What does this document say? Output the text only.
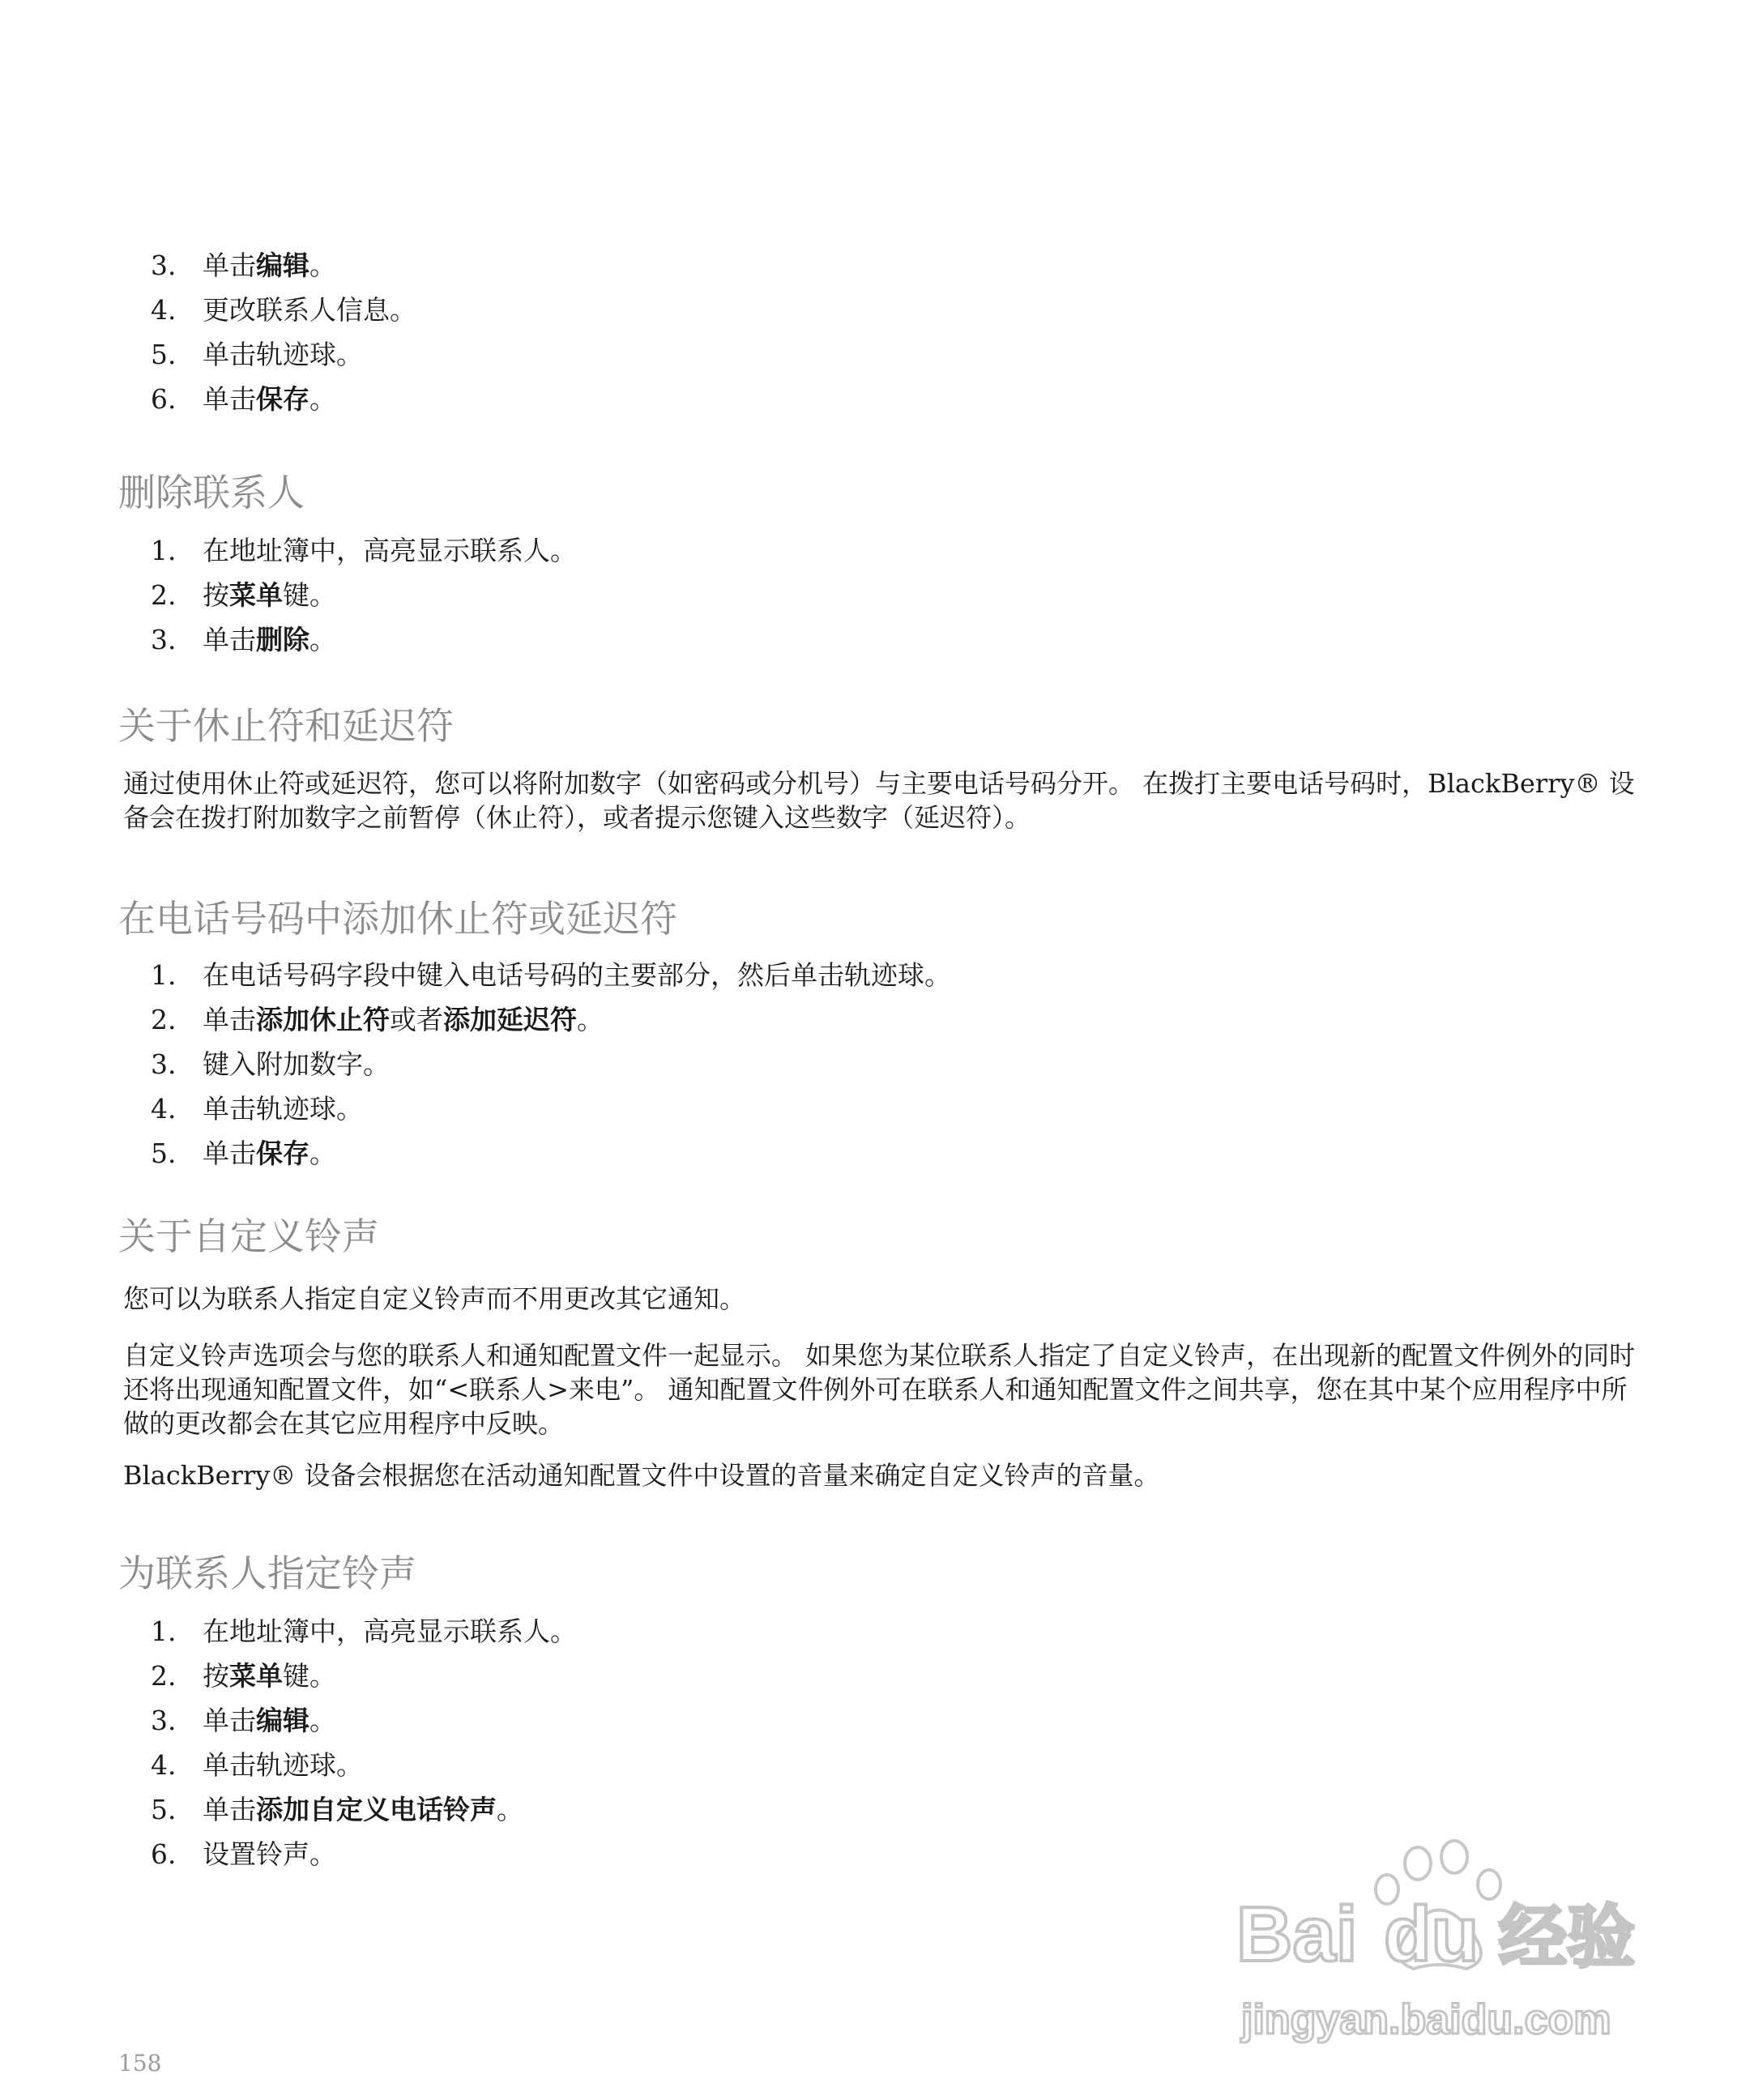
3. 单击编辑。
4. 更改联系人信息。
5. 单击轨迹球。
6. 单击保存。
删除联系人
1. 在地址簿中，高亮显示联系人。
2. 按菜单键。
3. 单击删除。
关于休止符和延迟符

通过使用休止符或延迟符，您可以将附加数字（如密码或分机号）与主要电话号码分开。 在拨打主要电话号码时，BlackBerry® 设备会在拨打附加数字之前暂停（休止符），或者提示您键入这些数字（延迟符）。

在电话号码中添加休止符或延迟符
1. 在电话号码字段中键入电话号码的主要部分，然后单击轨迹球。
2. 单击添加休止符或者添加延迟符。
3. 键入附加数字。
4. 单击轨迹球。
5. 单击保存。
关于自定义铃声

您可以为联系人指定自定义铃声而不用更改其它通知。

自定义铃声选项会与您的联系人和通知配置文件一起显示。 如果您为某位联系人指定了自定义铃声，在出现新的配置文件例外的同时还将出现通知配置文件，如“<联系人>来电”。 通知配置文件例外可在联系人和通知配置文件之间共享，您在其中某个应用程序中所做的更改都会在其它应用程序中反映。

BlackBerry® 设备会根据您在活动通知配置文件中设置的音量来确定自定义铃声的音量。

为联系人指定铃声
1. 在地址簿中，高亮显示联系人。
2. 按菜单键。
3. 单击编辑。
4. 单击轨迹球。
5. 单击添加自定义电话铃声。
6. 设置铃声。
Bai du 经验
jingyan.baidu.com
158
